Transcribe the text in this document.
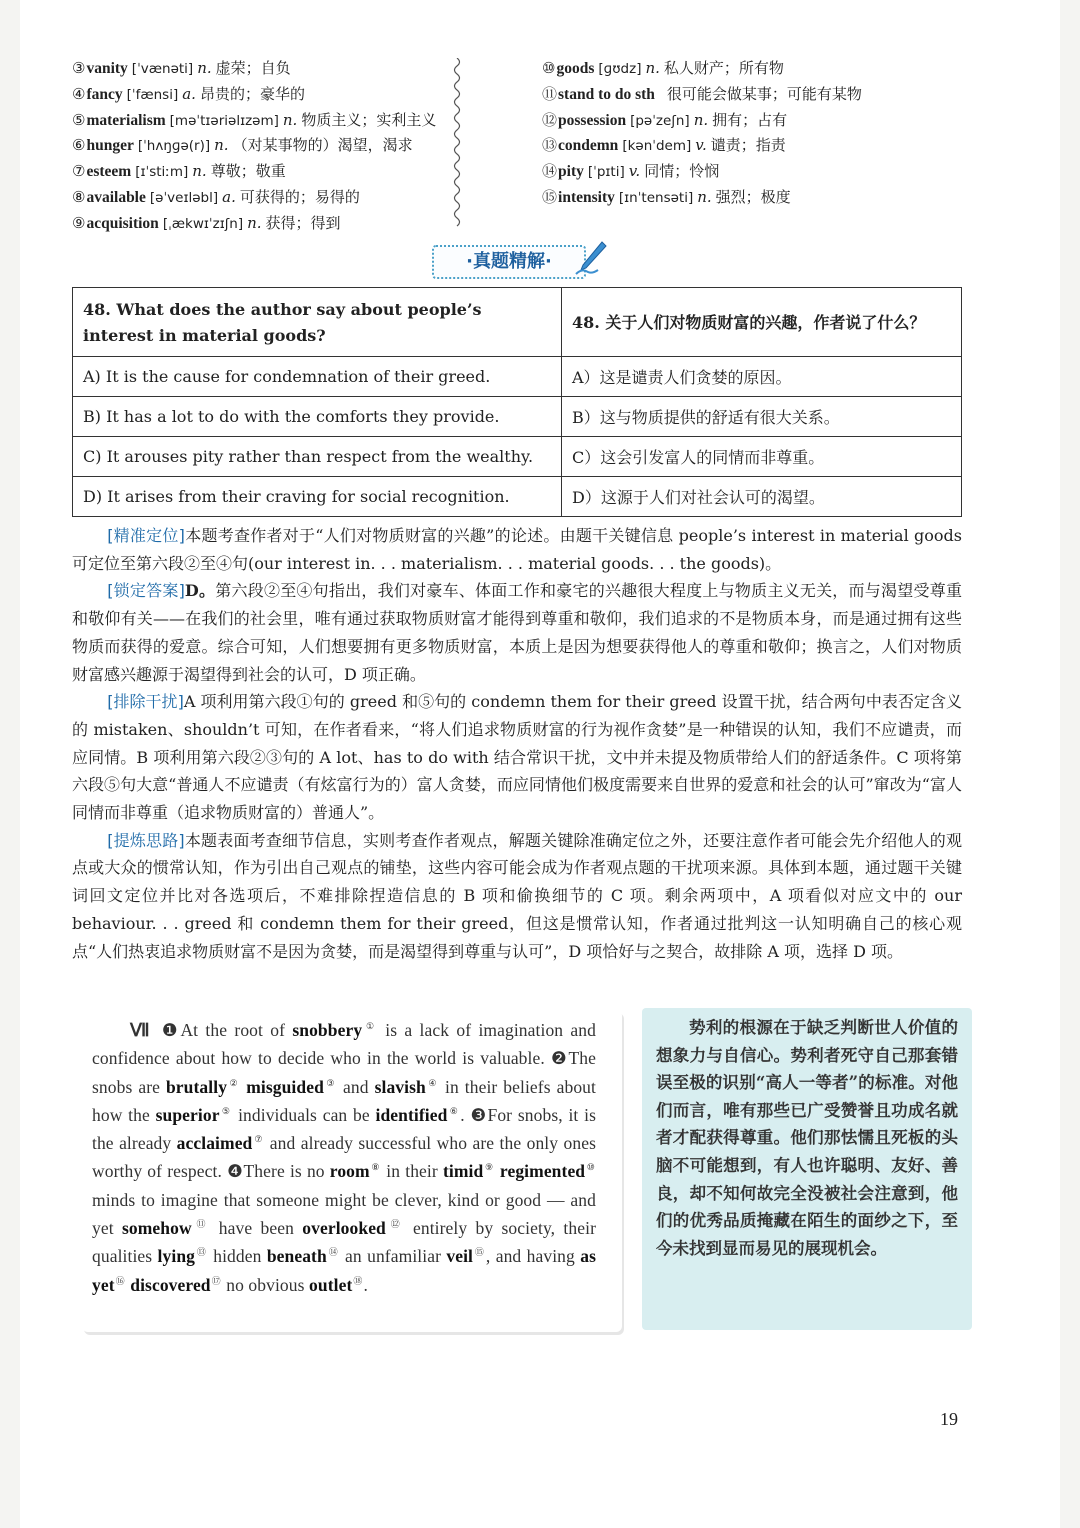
③vanity [ˈvænəti] n. 虚荣；自负
④fancy [ˈfænsi] a. 昂贵的；豪华的
⑤materialism [məˈtɪəriəlɪzəm] n. 物质主义；实利主义
⑥hunger [ˈhʌŋɡə(r)] n. （对某事物的）渴望，渴求
⑦esteem [ɪˈstiːm] n. 尊敬；敬重
⑧available [əˈveɪləbl] a. 可获得的；易得的
⑨acquisition [ˌækwɪˈzɪʃn] n. 获得；得到
⑩goods [ɡʊdz] n. 私人财产；所有物
⑪stand to do sth 很可能会做某事；可能有某物
⑫possession [pəˈzeʃn] n. 拥有；占有
⑬condemn [kənˈdem] v. 谴责；指责
⑭pity [ˈpɪti] v. 同情；怜悯
⑮intensity [ɪnˈtensəti] n. 强烈；极度
·真题精解·
48. What does the author say about people’s interest in material goods?	48. 关于人们对物质财富的兴趣，作者说了什么？
A) It is the cause for condemnation of their greed.	A）这是谴责人们贪婪的原因。
B) It has a lot to do with the comforts they provide.	B）这与物质提供的舒适有很大关系。
C) It arouses pity rather than respect from the wealthy.	C）这会引发富人的同情而非尊重。
D) It arises from their craving for social recognition.	D）这源于人们对社会认可的渴望。

[精准定位]本题考查作者对于“人们对物质财富的兴趣”的论述。由题干关键信息 people’s interest in material goods 可定位至第六段②至④句(our interest in. . . materialism. . . material goods. . . the goods)。

[锁定答案]D。第六段②至④句指出，我们对豪车、体面工作和豪宅的兴趣很大程度上与物质主义无关，而与渴望受尊重和敬仰有关——在我们的社会里，唯有通过获取物质财富才能得到尊重和敬仰，我们追求的不是物质本身，而是通过拥有这些物质而获得的爱意。综合可知，人们想要拥有更多物质财富，本质上是因为想要获得他人的尊重和敬仰；换言之，人们对物质财富感兴趣源于渴望得到社会的认可，D 项正确。

[排除干扰]A 项利用第六段①句的 greed 和⑤句的 condemn them for their greed 设置干扰，结合两句中表否定含义的 mistaken、shouldn’t 可知，在作者看来，“将人们追求物质财富的行为视作贪婪”是一种错误的认知，我们不应谴责，而应同情。B 项利用第六段②③句的 A lot、has to do with 结合常识干扰，文中并未提及物质带给人们的舒适条件。C 项将第六段⑤句大意“普通人不应谴责（有炫富行为的）富人贪婪，而应同情他们极度需要来自世界的爱意和社会的认可”窜改为“富人同情而非尊重（追求物质财富的）普通人”。

[提炼思路]本题表面考查细节信息，实则考查作者观点，解题关键除准确定位之外，还要注意作者可能会先介绍他人的观点或大众的惯常认知，作为引出自己观点的铺垫，这些内容可能会成为作者观点题的干扰项来源。具体到本题，通过题干关键词回文定位并比对各选项后，不难排除捏造信息的 B 项和偷换细节的 C 项。剩余两项中，A 项看似对应文中的 our behaviour. . . greed 和 condemn them for their greed，但这是惯常认知，作者通过批判这一认知明确自己的核心观点“人们热衷追求物质财富不是因为贪婪，而是渴望得到尊重与认可”，D 项恰好与之契合，故排除 A 项，选择 D 项。

  Ⅶ ❶At the root of snobbery① is a lack of imagination and confidence about how to decide who in the world is valuable. ❷The snobs are brutally② misguided③ and slavish④ in their beliefs about how the superior⑤ individuals can be identified⑥. ❸For snobs, it is the already acclaimed⑦ and already successful who are the only ones worthy of respect. ❹There is no room⑧ in their timid⑨ regimented⑩ minds to imagine that someone might be clever, kind or good — and yet somehow⑪ have been overlooked⑫ entirely by society, their qualities lying⑬ hidden beneath⑭ an unfamiliar veil⑮, and having as yet⑯ discovered⑰ no obvious outlet⑱.

势利的根源在于缺乏判断世人价值的想象力与自信心。势利者死守自己那套错误至极的识别“高人一等者”的标准。对他们而言，唯有那些已广受赞誉且功成名就者才配获得尊重。他们那怯懦且死板的头脑不可能想到，有人也许聪明、友好、善良，却不知何故完全没被社会注意到，他们的优秀品质掩藏在陌生的面纱之下，至今未找到显而易见的展现机会。

19
